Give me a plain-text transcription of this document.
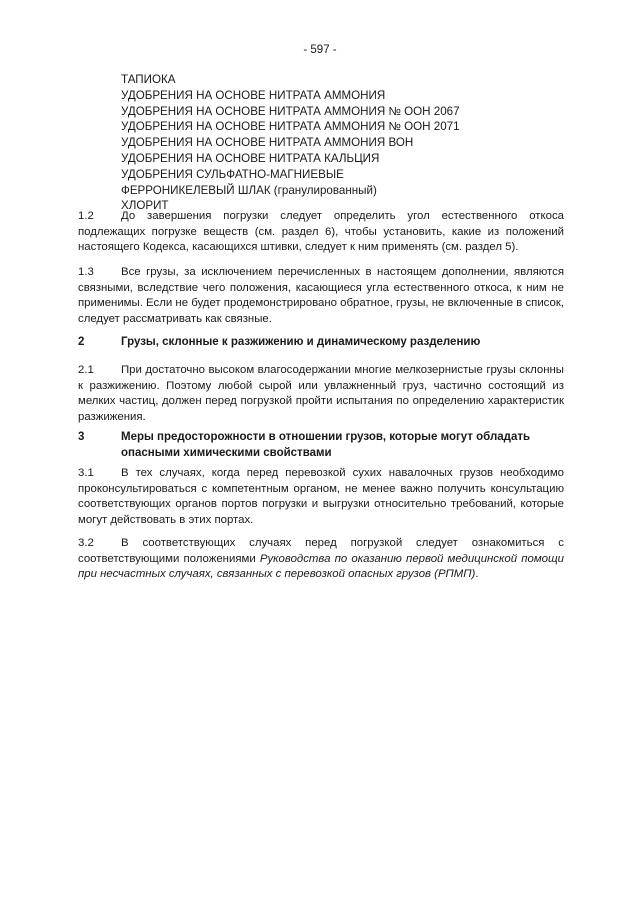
- 597 -
ТАПИОКА
УДОБРЕНИЯ НА ОСНОВЕ НИТРАТА АММОНИЯ
УДОБРЕНИЯ НА ОСНОВЕ НИТРАТА АММОНИЯ № ООН 2067
УДОБРЕНИЯ НА ОСНОВЕ НИТРАТА АММОНИЯ № ООН 2071
УДОБРЕНИЯ НА ОСНОВЕ НИТРАТА АММОНИЯ ВОН
УДОБРЕНИЯ НА ОСНОВЕ НИТРАТА КАЛЬЦИЯ
УДОБРЕНИЯ СУЛЬФАТНО-МАГНИЕВЫЕ
ФЕРРОНИКЕЛЕВЫЙ ШЛАК (гранулированный)
ХЛОРИТ
1.2	До завершения погрузки следует определить угол естественного откоса подлежащих погрузке веществ (см. раздел 6), чтобы установить, какие из положений настоящего Кодекса, касающихся штивки, следует к ним применять (см. раздел 5).

1.3	Все грузы, за исключением перечисленных в настоящем дополнении, являются связными, вследствие чего положения, касающиеся угла естественного откоса, к ним не применимы. Если не будет продемонстрировано обратное, грузы, не включенные в список, следует рассматривать как связные.

2	Грузы, склонные к разжижению и динамическому разделению
2.1	При достаточно высоком влагосодержании многие мелкозернистые грузы склонны к разжижению. Поэтому любой сырой или увлажненный груз, частично состоящий из мелких частиц, должен перед погрузкой пройти испытания по определению характеристик разжижения.

3	Меры предосторожности в отношении грузов, которые могут обладать опасными химическими свойствами
3.1	В тех случаях, когда перед перевозкой сухих навалочных грузов необходимо проконсультироваться с компетентным органом, не менее важно получить консультацию соответствующих органов портов погрузки и выгрузки относительно требований, которые могут действовать в этих портах.

3.2	В соответствующих случаях перед погрузкой следует ознакомиться с соответствующими положениями Руководства по оказанию первой медицинской помощи при несчастных случаях, связанных с перевозкой опасных грузов (РПМП).
